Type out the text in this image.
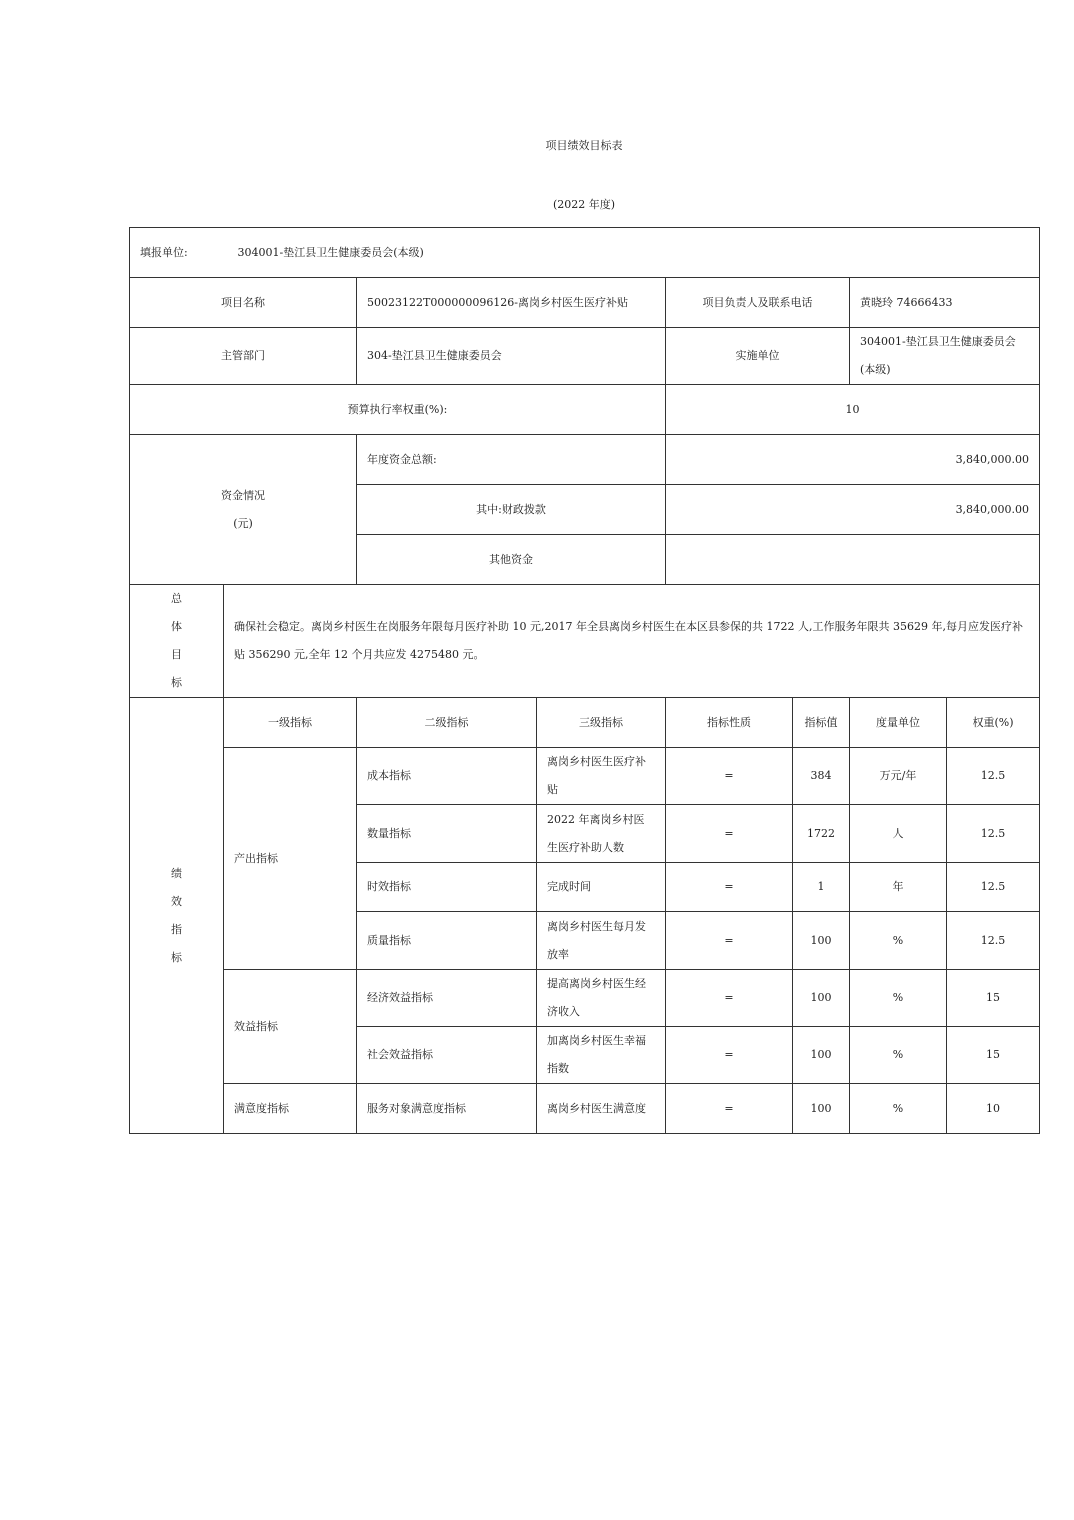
项目绩效目标表
(2022 年度)
填报单位: 304001-垫江县卫生健康委员会(本级)							
项目名称		50023122T000000096126-离岗乡村医生医疗补贴		项目负责人及联系电话		黄晓玲 74666433	
主管部门		304-垫江县卫生健康委员会		实施单位		304001-垫江县卫生健康委员会(本级)	
预算执行率权重(%):				10			

资金情况
(元)		年度资金总额:		3,840,000.00			
		其中:财政拨款		3,840,000.00			
		其他资金					

总
体
目
标	确保社会稳定。离岗乡村医生在岗服务年限每月医疗补助 10 元,2017 年全县离岗乡村医生在本区县参保的共 1722 人,工作服务年限共 35629 年,每月应发医疗补贴 356290 元,全年 12 个月共应发 4275480 元。						

绩
效
指
标	一级指标	二级指标	三级指标	指标性质	指标值	度量单位	权重(%)
	产出指标	成本指标	离岗乡村医生医疗补贴	=	384	万元/年	12.5
		数量指标	2022 年离岗乡村医生医疗补助人数	=	1722	人	12.5
		时效指标	完成时间	=	1	年	12.5
		质量指标	离岗乡村医生每月发放率	=	100	%	12.5
	效益指标	经济效益指标	提高离岗乡村医生经济收入	=	100	%	15
		社会效益指标	加离岗乡村医生幸福指数	=	100	%	15
	满意度指标	服务对象满意度指标	离岗乡村医生满意度	=	100	%	10
